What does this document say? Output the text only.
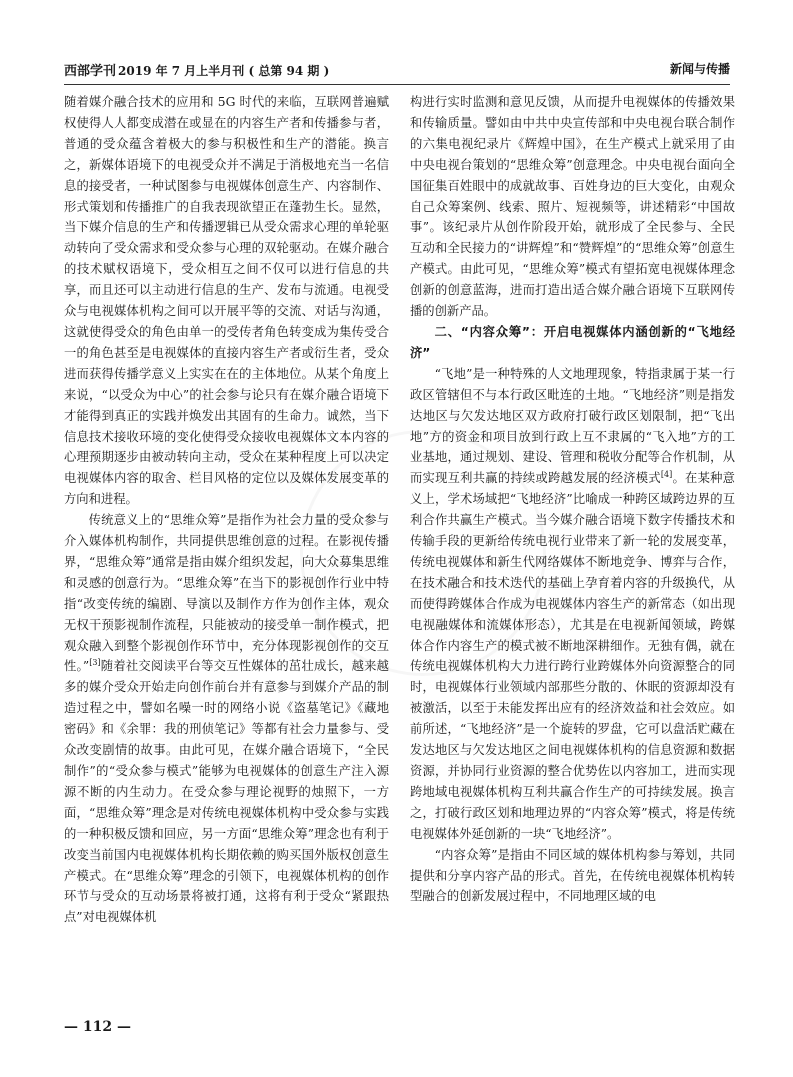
西部学刊 2019 年 7 月上半月刊 ( 总第 94 期 )	新闻与传播

随着媒介融合技术的应用和 5G 时代的来临，互联网普遍赋权使得人人都变成潜在或显在的内容生产者和传播参与者，普通的受众蕴含着极大的参与积极性和生产的潜能。换言之，新媒体语境下的电视受众并不满足于消极地充当一名信息的接受者，一种试图参与电视媒体创意生产、内容制作、形式策划和传播推广的自我表现欲望正在蓬勃生长。显然，当下媒介信息的生产和传播逻辑已从受众需求心理的单轮驱动转向了受众需求和受众参与心理的双轮驱动。在媒介融合的技术赋权语境下，受众相互之间不仅可以进行信息的共享，而且还可以主动进行信息的生产、发布与流通。电视受众与电视媒体机构之间可以开展平等的交流、对话与沟通，这就使得受众的角色由单一的受传者角色转变成为集传受合一的角色甚至是电视媒体的直接内容生产者或衍生者，受众进而获得传播学意义上实实在在的主体地位。从某个角度上来说，“以受众为中心”的社会参与论只有在媒介融合语境下才能得到真正的实践并焕发出其固有的生命力。诚然，当下信息技术接收环境的变化使得受众接收电视媒体文本内容的心理预期逐步由被动转向主动，受众在某种程度上可以决定电视媒体内容的取舍、栏目风格的定位以及媒体发展变革的方向和进程。

传统意义上的“思维众筹”是指作为社会力量的受众参与介入媒体机构制作，共同提供思维创意的过程。在影视传播界，“思维众筹”通常是指由媒介组织发起，向大众募集思维和灵感的创意行为。“思维众筹”在当下的影视创作行业中特指“改变传统的编剧、导演以及制作方作为创作主体，观众无权干预影视制作流程，只能被动的接受单一制作模式，把观众融入到整个影视创作环节中，充分体现影视创作的交互性。”[3]随着社交阅读平台等交互性媒体的茁壮成长，越来越多的媒介受众开始走向创作前台并有意参与到媒介产品的制造过程之中，譬如名噪一时的网络小说《盗墓笔记》《藏地密码》和《余罪：我的刑侦笔记》等都有社会力量参与、受众改变剧情的故事。由此可见，在媒介融合语境下，“全民制作”的“受众参与模式”能够为电视媒体的创意生产注入源源不断的内生动力。在受众参与理论视野的烛照下，一方面，“思维众筹”理念是对传统电视媒体机构中受众参与实践的一种积极反馈和回应，另一方面“思维众筹”理念也有利于改变当前国内电视媒体机构长期依赖的购买国外版权创意生产模式。在“思维众筹”理念的引领下，电视媒体机构的创作环节与受众的互动场景将被打通，这将有利于受众“紧跟热点”对电视媒体机

构进行实时监测和意见反馈，从而提升电视媒体的传播效果和传输质量。譬如由中共中央宣传部和中央电视台联合制作的六集电视纪录片《辉煌中国》，在生产模式上就采用了由中央电视台策划的“思维众筹”创意理念。中央电视台面向全国征集百姓眼中的成就故事、百姓身边的巨大变化，由观众自己众筹案例、线索、照片、短视频等，讲述精彩“中国故事”。该纪录片从创作阶段开始，就形成了全民参与、全民互动和全民接力的“讲辉煌”和“赞辉煌”的“思维众筹”创意生产模式。由此可见，“思维众筹”模式有望拓宽电视媒体理念创新的创意蓝海，进而打造出适合媒介融合语境下互联网传播的创新产品。

二、“内容众筹”：开启电视媒体内涵创新的“飞地经济”

“飞地”是一种特殊的人文地理现象，特指隶属于某一行政区管辖但不与本行政区毗连的土地。“飞地经济”则是指发达地区与欠发达地区双方政府打破行政区划限制，把“飞出地”方的资金和项目放到行政上互不隶属的“飞入地”方的工业基地，通过规划、建设、管理和税收分配等合作机制，从而实现互利共赢的持续或跨越发展的经济模式[4]。在某种意义上，学术场域把“飞地经济”比喻成一种跨区域跨边界的互利合作共赢生产模式。当今媒介融合语境下数字传播技术和传输手段的更新给传统电视行业带来了新一轮的发展变革，传统电视媒体和新生代网络媒体不断地竞争、博弈与合作，在技术融合和技术迭代的基础上孕育着内容的升级换代，从而使得跨媒体合作成为电视媒体内容生产的新常态（如出现电视融媒体和流媒体形态），尤其是在电视新闻领域，跨媒体合作内容生产的模式被不断地深耕细作。无独有偶，就在传统电视媒体机构大力进行跨行业跨媒体外向资源整合的同时，电视媒体行业领域内部那些分散的、休眠的资源却没有被激活，以至于未能发挥出应有的经济效益和社会效应。如前所述，“飞地经济”是一个旋转的罗盘，它可以盘活贮藏在发达地区与欠发达地区之间电视媒体机构的信息资源和数据资源，并协同行业资源的整合优势佐以内容加工，进而实现跨地域电视媒体机构互利共赢合作生产的可持续发展。换言之，打破行政区划和地理边界的“内容众筹”模式，将是传统电视媒体外延创新的一块“飞地经济”。

“内容众筹”是指由不同区域的媒体机构参与筹划，共同提供和分享内容产品的形式。首先，在传统电视媒体机构转型融合的创新发展过程中，不同地理区域的电

— 112 —
